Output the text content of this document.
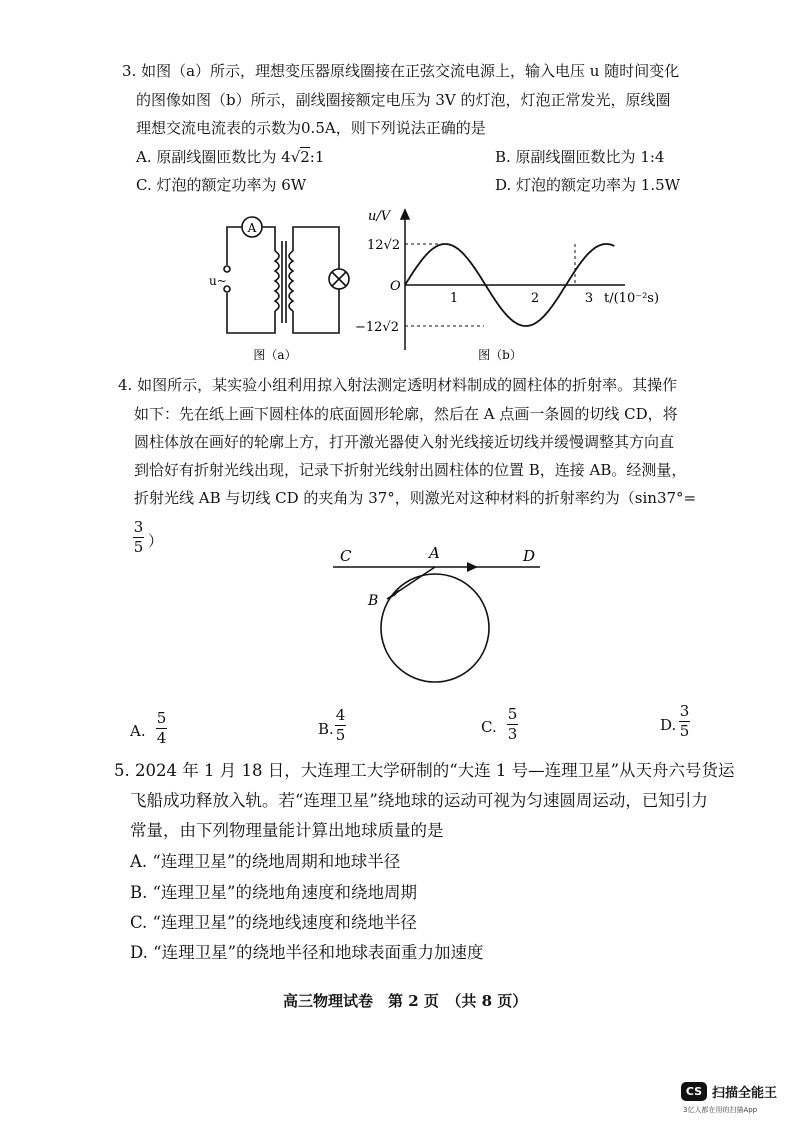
3. 如图（a）所示，理想变压器原线圈接在正弦交流电源上，输入电压 u 随时间变化
的图像如图（b）所示，副线圈接额定电压为 3V 的灯泡，灯泡正常发光，原线圈
理想交流电流表的示数为0.5A，则下列说法正确的是
A. 原副线圈匝数比为 4√2:1	B. 原副线圈匝数比为 1:4
C. 灯泡的额定功率为 6W	D. 灯泡的额定功率为 1.5W
A
u~
图（a）
u/V
12√2
O
−12√2
1	2	3 t/(10⁻²s)
图（b）
4. 如图所示，某实验小组利用掠入射法测定透明材料制成的圆柱体的折射率。其操作
如下：先在纸上画下圆柱体的底面圆形轮廓，然后在 A 点画一条圆的切线 CD，将
圆柱体放在画好的轮廓上方，打开激光器使入射光线接近切线并缓慢调整其方向直
到恰好有折射光线出现，记录下折射光线射出圆柱体的位置 B，连接 AB。经测量，
折射光线 AB 与切线 CD 的夹角为 37°，则激光对这种材料的折射率约为（sin37°=
3
5 ）
C	A	D
B
A.
5
4
B.
4
5	C.
5
3
D.
3
5
5. 2024 年 1 月 18 日，大连理工大学研制的“大连 1 号—连理卫星”从天舟六号货运
飞船成功释放入轨。若“连理卫星”绕地球的运动可视为匀速圆周运动，已知引力
常量，由下列物理量能计算出地球质量的是
A. “连理卫星”的绕地周期和地球半径
B. “连理卫星”的绕地角速度和绕地周期
C. “连理卫星”的绕地线速度和绕地半径
D. “连理卫星”的绕地半径和地球表面重力加速度
高三物理试卷　第 2 页　（共 8 页）
CS 扫描全能王
3亿人都在用的扫描App
